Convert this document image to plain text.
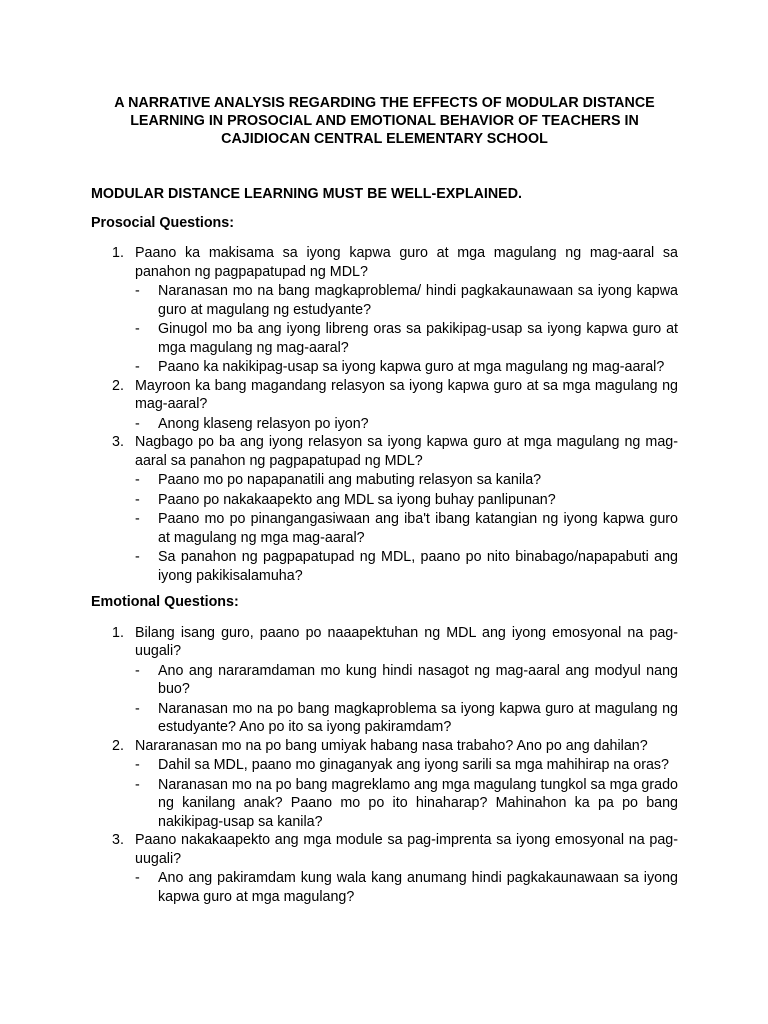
A NARRATIVE ANALYSIS REGARDING THE EFFECTS OF MODULAR DISTANCE
LEARNING IN PROSOCIAL AND EMOTIONAL BEHAVIOR OF TEACHERS IN
CAJIDIOCAN CENTRAL ELEMENTARY SCHOOL
MODULAR DISTANCE LEARNING MUST BE WELL-EXPLAINED.
Prosocial Questions:
1. Paano ka makisama sa iyong kapwa guro at mga magulang ng mag-aaral sa panahon ng pagpapatupad ng MDL?
- Naranasan mo na bang magkaproblema/ hindi pagkakaunawaan sa iyong kapwa guro at magulang ng estudyante?
- Ginugol mo ba ang iyong libreng oras sa pakikipag-usap sa iyong kapwa guro at mga magulang ng mag-aaral?
- Paano ka nakikipag-usap sa iyong kapwa guro at mga magulang ng mag-aaral?
2. Mayroon ka bang magandang relasyon sa iyong kapwa guro at sa mga magulang ng mag-aaral?
- Anong klaseng relasyon po iyon?
3. Nagbago po ba ang iyong relasyon sa iyong kapwa guro at mga magulang ng mag-aaral sa panahon ng pagpapatupad ng MDL?
- Paano mo po napapanatili ang mabuting relasyon sa kanila?
- Paano po nakakaapekto ang MDL sa iyong buhay panlipunan?
- Paano mo po pinangangasiwaan ang iba't ibang katangian ng iyong kapwa guro at magulang ng mga mag-aaral?
- Sa panahon ng pagpapatupad ng MDL, paano po nito binabago/napapabuti ang iyong pakikisalamuha?
Emotional Questions:
1. Bilang isang guro, paano po naaapektuhan ng MDL ang iyong emosyonal na pag-uugali?
- Ano ang nararamdaman mo kung hindi nasagot ng mag-aaral ang modyul nang buo?
- Naranasan mo na po bang magkaproblema sa iyong kapwa guro at magulang ng estudyante? Ano po ito sa iyong pakiramdam?
2. Nararanasan mo na po bang umiyak habang nasa trabaho? Ano po ang dahilan?
- Dahil sa MDL, paano mo ginaganyak ang iyong sarili sa mga mahihirap na oras?
- Naranasan mo na po bang magreklamo ang mga magulang tungkol sa mga grado ng kanilang anak? Paano mo po ito hinaharap? Mahinahon ka pa po bang nakikipag-usap sa kanila?
3. Paano nakakaapekto ang mga module sa pag-imprenta sa iyong emosyonal na pag-uugali?
- Ano ang pakiramdam kung wala kang anumang hindi pagkakaunawaan sa iyong kapwa guro at mga magulang?
